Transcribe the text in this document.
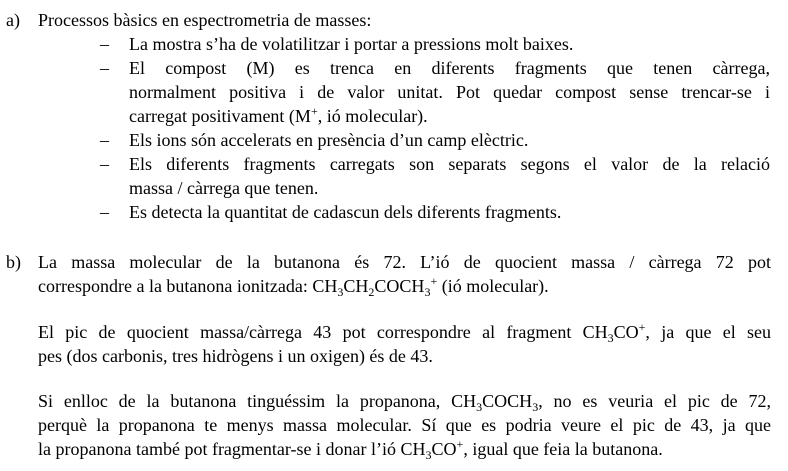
a) Processos bàsics en espectrometria de masses:
– La mostra s’ha de volatilitzar i portar a pressions molt baixes.
– El compost (M) es trenca en diferents fragments que tenen càrrega,
normalment positiva i de valor unitat. Pot quedar compost sense trencar-se i
carregat positivament (M+, ió molecular).
– Els ions són accelerats en presència d’un camp elèctric.
– Els diferents fragments carregats son separats segons el valor de la relació
massa / càrrega que tenen.
– Es detecta la quantitat de cadascun dels diferents fragments.
b) La massa molecular de la butanona és 72. L’ió de quocient massa / càrrega 72 pot
correspondre a la butanona ionitzada: $CH_3CH_2COCH_3^+$ (ió molecular).
El pic de quocient massa/càrrega 43 pot correspondre al fragment $CH_3CO^+$, ja que el seu
pes (dos carbonis, tres hidrògens i un oxigen) és de 43.
Si enlloc de la butanona tinguéssim la propanona, $CH_3COCH_3$, no es veuria el pic de 72,
perquè la propanona te menys massa molecular. Sí que es podria veure el pic de 43, ja que
la propanona també pot fragmentar-se i donar l’ió $CH_3CO^+$, igual que feia la butanona.
